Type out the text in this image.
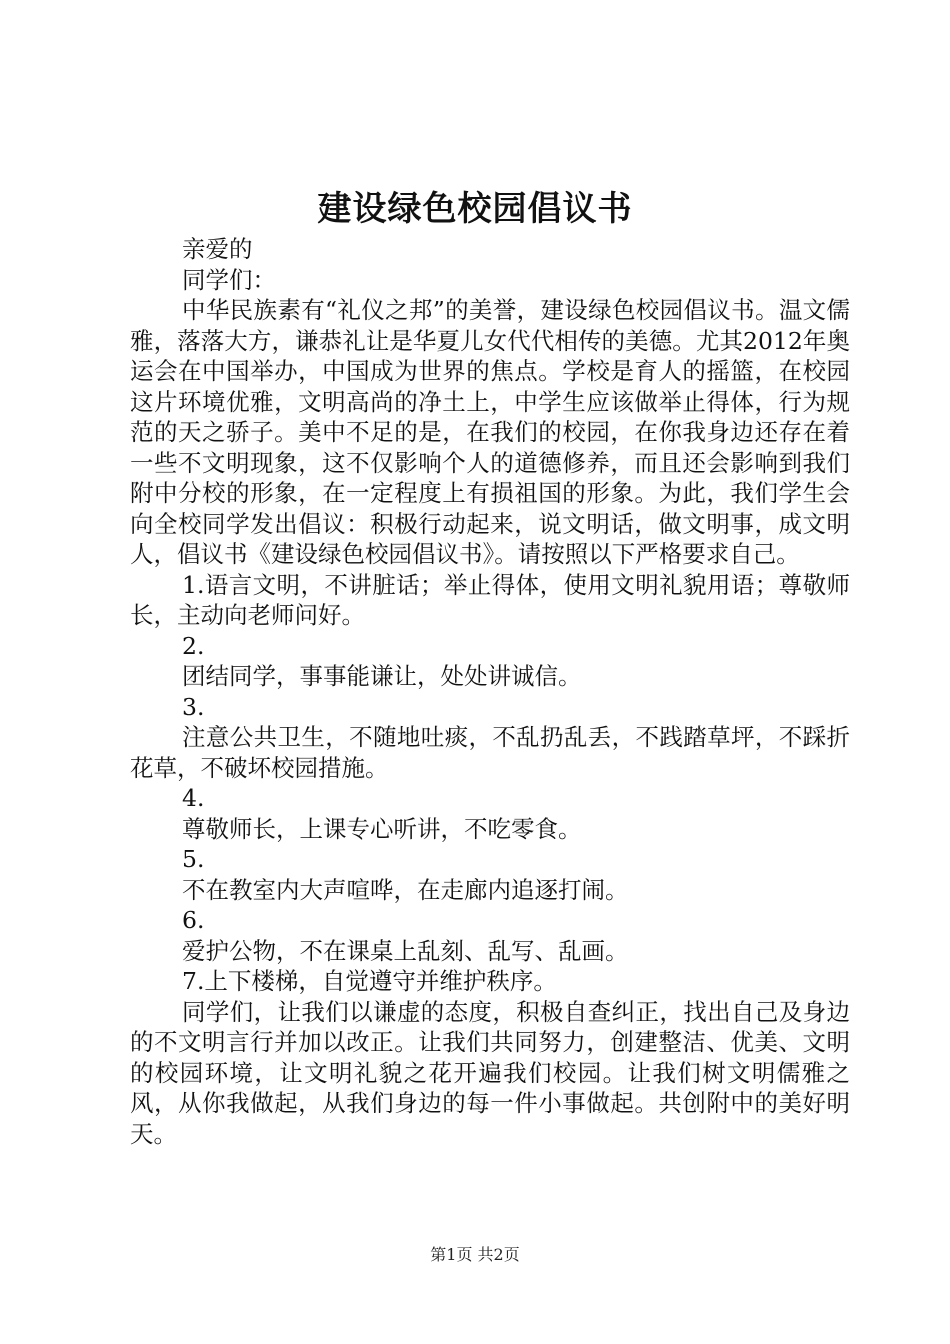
建设绿色校园倡议书
亲爱的
同学们：
中华民族素有“礼仪之邦”的美誉，建设绿色校园倡议书。温文儒雅，落落大方，谦恭礼让是华夏儿女代代相传的美德。尤其2012年奥运会在中国举办，中国成为世界的焦点。学校是育人的摇篮，在校园这片环境优雅，文明高尚的净土上，中学生应该做举止得体，行为规范的天之骄子。美中不足的是，在我们的校园，在你我身边还存在着一些不文明现象，这不仅影响个人的道德修养，而且还会影响到我们附中分校的形象，在一定程度上有损祖国的形象。为此，我们学生会向全校同学发出倡议：积极行动起来，说文明话，做文明事，成文明人，倡议书《建设绿色校园倡议书》。请按照以下严格要求自己。
1.语言文明，不讲脏话；举止得体，使用文明礼貌用语；尊敬师长，主动向老师问好。
2.
团结同学，事事能谦让，处处讲诚信。
3.
注意公共卫生，不随地吐痰，不乱扔乱丢，不践踏草坪，不踩折花草，不破坏校园措施。
4.
尊敬师长，上课专心听讲，不吃零食。
5.
不在教室内大声喧哗，在走廊内追逐打闹。
6.
爱护公物，不在课桌上乱刻、乱写、乱画。
7.上下楼梯，自觉遵守并维护秩序。
同学们，让我们以谦虚的态度，积极自查纠正，找出自己及身边的不文明言行并加以改正。让我们共同努力，创建整洁、优美、文明的校园环境，让文明礼貌之花开遍我们校园。让我们树文明儒雅之风，从你我做起，从我们身边的每一件小事做起。共创附中的美好明天。
第1页 共2页
